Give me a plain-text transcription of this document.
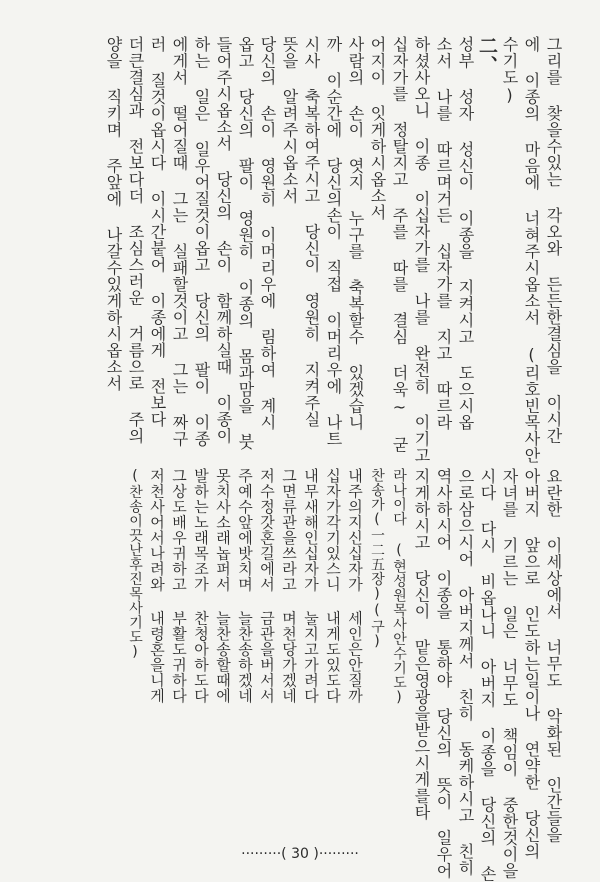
그리를 찾을수있는 각오와 든든한결심을 이시간
에 이종의 마음에 너혀주시옵소서 (리호빈목사안
수기도)
二、
성부 성자 성신이 이종을 지켜시고 도으시옵
소서 나를 따르며거든 십자가를 지고 따르라
하셨사오니 이종 이십자가를 나를 완전히 이기고
십자가를 정탈지고 주를 따를 결심 더욱~ 굳
어지이 잇게하시옵소서
사람의 손이 엿지 누구를 축복할수 있겠습니
까 이순간에 당신의손이 직접 이머리우에 나트
시사 축복하여주시고 당신이 영원히 지켜주실
뜻을 알려주시옵소서
당신의 손이 영원히 이머리우에 림하여 계시
옵고 당신의 팔이 영원히 이종의 몸과맘을 붓
들어주시옵소서 당신의 손이 함께하실때 이종이
하는 일은 일우어질것이옵고 당신의 팔이 이종
에게서 떨어질때 그는 실패할것이고 그는 짜구
러 질것이옵시다 이시간붙어 이종에게 전보다
더큰결심과 전보다더 조심스러운 거름으로 주의
양을 직키며 주앞에 나갈수있게하시옵소서
요란한 이세상에서 너무도 악화된 인간들을
아버지 앞으로 인도하는일이나 연약한 당신의
자녀를 기르는 일은 너무도 책임이 중한것이을
시다 다시 비옵나니 아버지 이종을 당신의 손
으로삼으시어 아버지께서 친히 동케하시고 친히
역사하시어 이종을 통하야 당신의 뜻이 일우어
지게하시고 당신이 맡은영광을받으시게를타
라나이다 (현성원목사안수기도)
찬송가(一二五장)(구)
내주의지신십자가 세인은안질까
십자가각기있스니 내게도있도다
내무새해인십자가 눌지고가려다
그면류관을쓰라고 며천당가겠네
저수정갓혼길에서 금관을버서서
주예수앞에밧치며 늘찬송하겠네
못치사소래놉퍼서 늘찬송할때에
발하는노래목조가 찬청아하도다
그상도배우귀하고 부활도귀하다
저천사어서나려와 내령혼을니게
(찬송이끗난후진목사기도)
·········( 30 )·········
